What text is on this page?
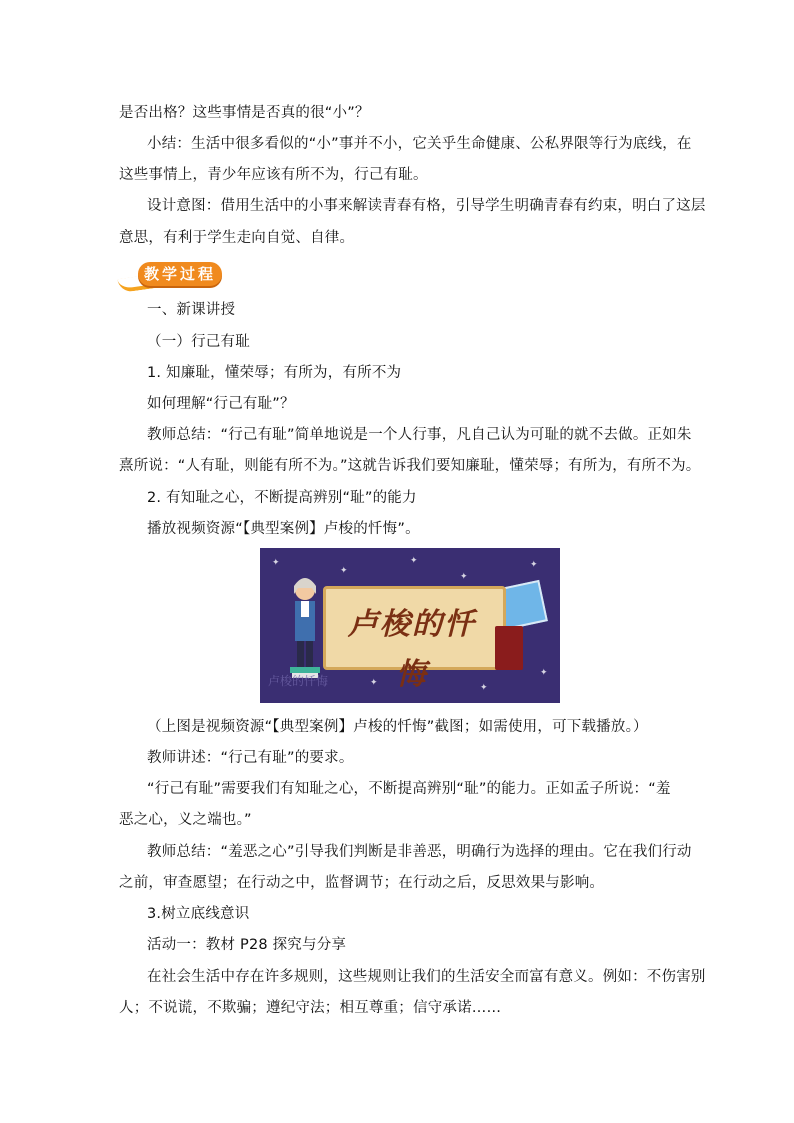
是否出格？这些事情是否真的很“小”？
小结：生活中很多看似的“小”事并不小，它关乎生命健康、公私界限等行为底线，在
这些事情上，青少年应该有所不为，行己有耻。
设计意图：借用生活中的小事来解读青春有格，引导学生明确青春有约束，明白了这层
意思，有利于学生走向自觉、自律。
教学过程
一、新课讲授
（一）行己有耻
1. 知廉耻，懂荣辱；有所为，有所不为
如何理解“行己有耻”？
教师总结：“行己有耻”简单地说是一个人行事，凡自己认为可耻的就不去做。正如朱
熹所说：“人有耻，则能有所不为。”这就告诉我们要知廉耻，懂荣辱；有所为，有所不为。
2. 有知耻之心，不断提高辨别“耻”的能力
播放视频资源“【典型案例】卢梭的忏悔”。
✦
✦
✦
✦
✦
✦	✦
✦
卢梭的忏悔
卢梭的忏悔
（上图是视频资源“【典型案例】卢梭的忏悔”截图；如需使用，可下载播放。）
教师讲述：“行己有耻”的要求。
“行己有耻”需要我们有知耻之心，不断提高辨别“耻”的能力。正如孟子所说：“羞
恶之心，义之端也。”
教师总结：“羞恶之心”引导我们判断是非善恶，明确行为选择的理由。它在我们行动
之前，审查愿望；在行动之中，监督调节；在行动之后，反思效果与影响。
3.树立底线意识
活动一：教材 P28 探究与分享
在社会生活中存在许多规则，这些规则让我们的生活安全而富有意义。例如：不伤害别
人；不说谎，不欺骗；遵纪守法；相互尊重；信守承诺……
